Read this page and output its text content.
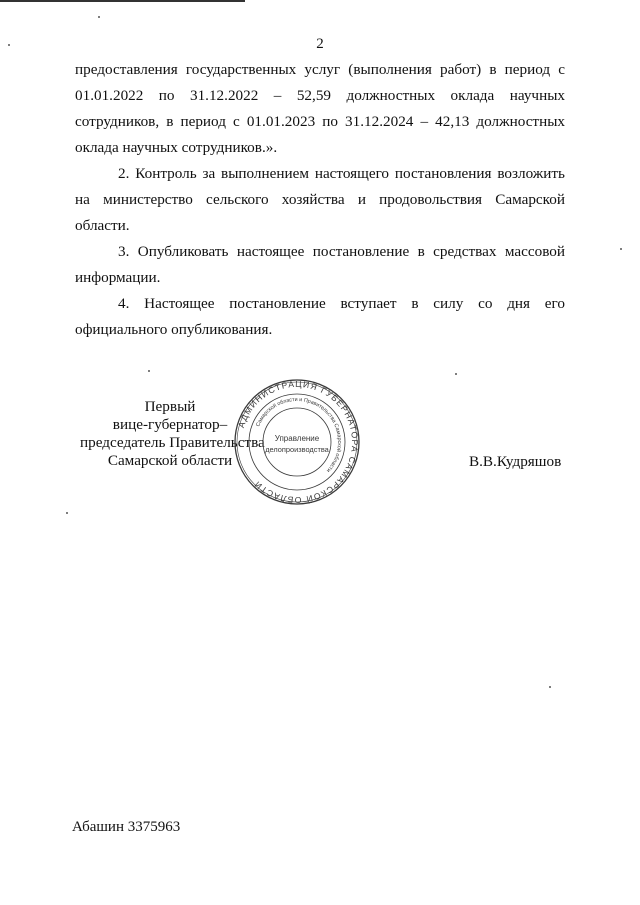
2
предоставления государственных услуг (выполнения работ) в период с
01.01.2022 по 31.12.2022 – 52,59 должностных оклада научных
сотрудников, в период с 01.01.2023 по 31.12.2024 – 42,13 должностных
оклада научных сотрудников.».
2. Контроль за выполнением настоящего постановления возложить
на министерство сельского хозяйства и продовольствия Самарской
области.
3. Опубликовать настоящее постановление в средствах массовой
информации.
4. Настоящее постановление вступает в силу со дня его
официального опубликования.
Первый
вице-губернатор–
председатель Правительства
Самарской области
АДМИНИСТРАЦИЯ ГУБЕРНАТОРА САМАРСКОЙ ОБЛАСТИ
Самарской области и Правительства Самарской области
Управление
делопроизводства
В.В.Кудряшов
Абашин 3375963
